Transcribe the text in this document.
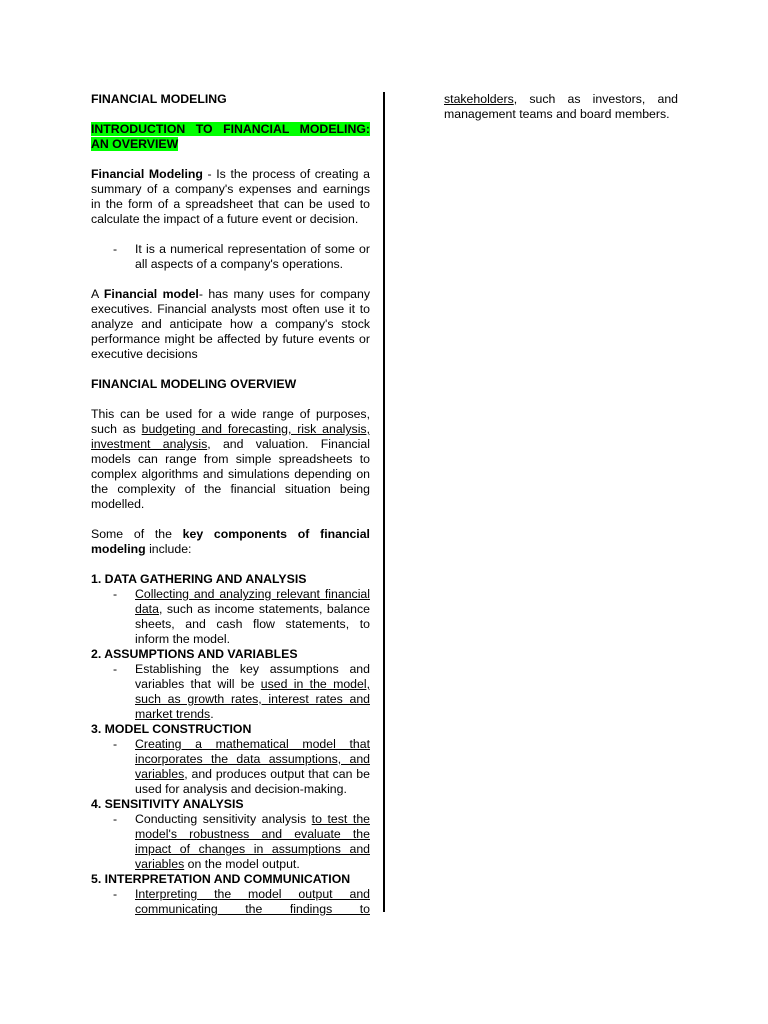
FINANCIAL MODELING

INTRODUCTION TO FINANCIAL MODELING:

AN OVERVIEW

Financial Modeling - Is the process of creating a summary of a company's expenses and earnings in the form of a spreadsheet that can be used to calculate the impact of a future event or decision.

-	It is a numerical representation of some or all aspects of a company's operations.

A Financial model- has many uses for company executives. Financial analysts most often use it to analyze and anticipate how a company's stock performance might be affected by future events or executive decisions

FINANCIAL MODELING OVERVIEW

This can be used for a wide range of purposes, such as budgeting and forecasting, risk analysis, investment analysis, and valuation. Financial models can range from simple spreadsheets to complex algorithms and simulations depending on the complexity of the financial situation being modelled.

Some of the key components of financial modeling include:

1. DATA GATHERING AND ANALYSIS

-	Collecting and analyzing relevant financial data, such as income statements, balance sheets, and cash flow statements, to inform the model.

2. ASSUMPTIONS AND VARIABLES

-	Establishing the key assumptions and variables that will be used in the model, such as growth rates, interest rates and market trends.

3. MODEL CONSTRUCTION

-	Creating a mathematical model that incorporates the data assumptions, and variables, and produces output that can be used for analysis and decision-making.

4. SENSITIVITY ANALYSIS

-	Conducting sensitivity analysis to test the model's robustness and evaluate the impact of changes in assumptions and variables on the model output.

5. INTERPRETATION AND COMMUNICATION

-	Interpreting the model output and communicating the findings to

stakeholders, such as investors, and management teams and board members.
